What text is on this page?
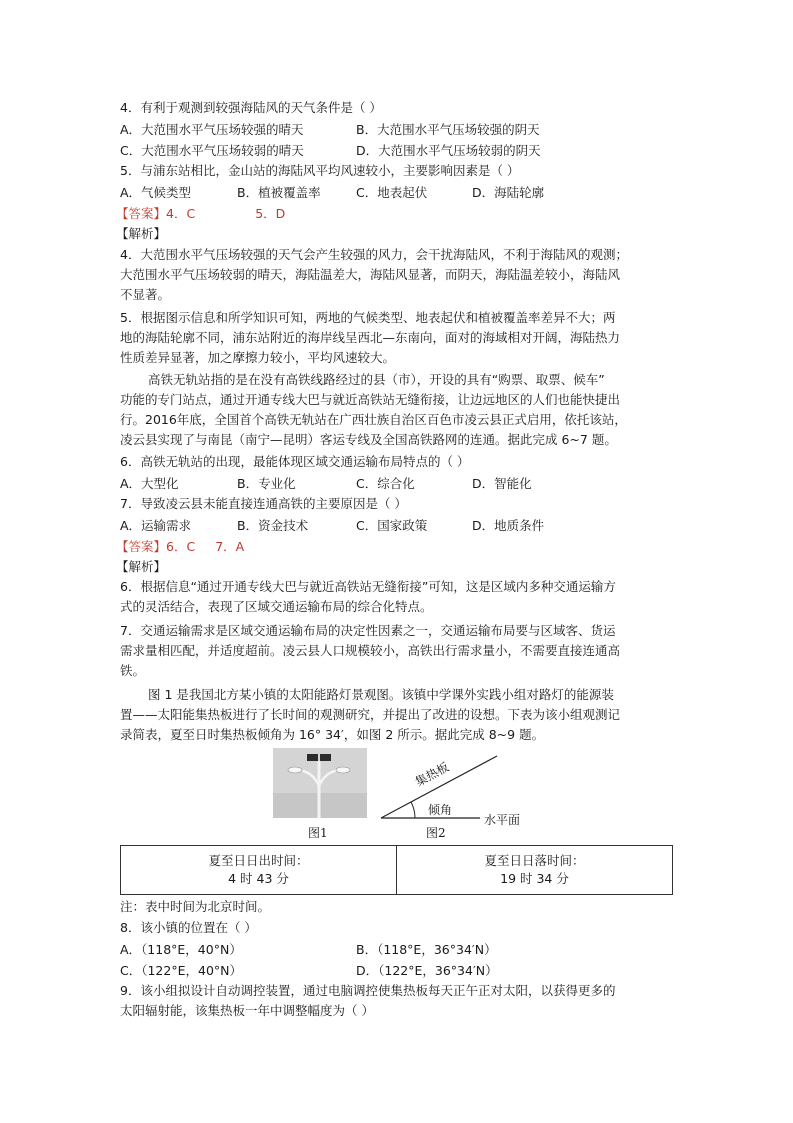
4．有利于观测到较强海陆风的天气条件是（ ）
A．大范围水平气压场较强的晴天	B．大范围水平气压场较强的阴天
C．大范围水平气压场较弱的晴天	D．大范围水平气压场较弱的阴天
5．与浦东站相比，金山站的海陆风平均风速较小，主要影响因素是（ ）
A．气候类型	B．植被覆盖率	C．地表起伏	D．海陆轮廓
【答案】4．C	5．D
【解析】
4．大范围水平气压场较强的天气会产生较强的风力，会干扰海陆风，不利于海陆风的观测；
大范围水平气压场较弱的晴天，海陆温差大，海陆风显著，而阴天，海陆温差较小，海陆风
不显著。
5．根据图示信息和所学知识可知，两地的气候类型、地表起伏和植被覆盖率差异不大；两
地的海陆轮廓不同，浦东站附近的海岸线呈西北—东南向，面对的海域相对开阔，海陆热力
性质差异显著，加之摩擦力较小，平均风速较大。
高铁无轨站指的是在没有高铁线路经过的县（市），开设的具有“购票、取票、候车”
功能的专门站点，通过开通专线大巴与就近高铁站无缝衔接，让边远地区的人们也能快捷出
行。2016年底，全国首个高铁无轨站在广西壮族自治区百色市凌云县正式启用，依托该站，
凌云县实现了与南昆（南宁—昆明）客运专线及全国高铁路网的连通。据此完成 6~7 题。
6．高铁无轨站的出现，最能体现区域交通运输布局特点的（ ）
A．大型化	B．专业化	C．综合化	D．智能化
7．导致凌云县未能直接连通高铁的主要原因是（ ）
A．运输需求	B．资金技术	C．国家政策	D．地质条件
【答案】6．C 7．A
【解析】
6．根据信息“通过开通专线大巴与就近高铁站无缝衔接”可知，这是区域内多种交通运输方
式的灵活结合，表现了区域交通运输布局的综合化特点。
7．交通运输需求是区域交通运输布局的决定性因素之一，交通运输布局要与区域客、货运
需求量相匹配，并适度超前。凌云县人口规模较小，高铁出行需求量小，不需要直接连通高
铁。
图 1 是我国北方某小镇的太阳能路灯景观图。该镇中学课外实践小组对路灯的能源装
置——太阳能集热板进行了长时间的观测研究，并提出了改进的设想。下表为该小组观测记
录简表，夏至日时集热板倾角为 16° 34′，如图 2 所示。据此完成 8~9 题。
图1
集热板
倾角
水平面
图2
夏至日日出时间：
4 时 43 分

夏至日日落时间：
19 时 34 分
注：表中时间为北京时间。
8．该小镇的位置在（ ）
A．（118°E，40°N）	B．（118°E，36°34′N）
C．（122°E，40°N）	D．（122°E，36°34′N）
9．该小组拟设计自动调控装置，通过电脑调控使集热板每天正午正对太阳，以获得更多的
太阳辐射能，该集热板一年中调整幅度为（ ）
